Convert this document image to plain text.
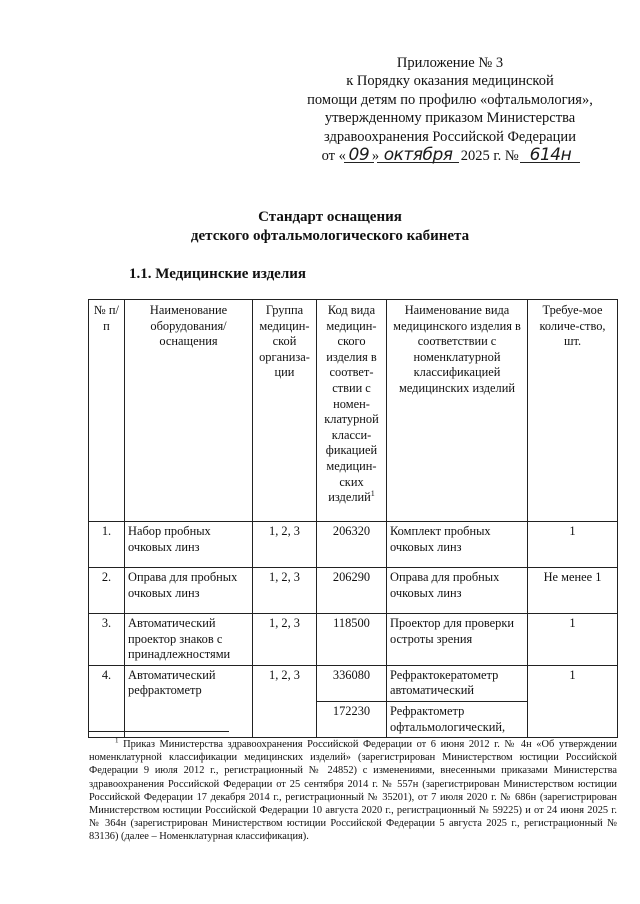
Приложение № 3
к Порядку оказания медицинской
помощи детям по профилю «офтальмология»,
утвержденному приказом Министерства
здравоохранения Российской Федерации
от « 09 » октября 2025 г. № 614н
Стандарт оснащения
детского офтальмологического кабинета
1.1. Медицинские изделия
№ п/п	Наименование оборудования/ оснащения	Группа медицин-ской организа-ции	Код вида медицин-ского изделия в соответ-ствии с номен-клатурной класси-фикацией медицин-ских изделий$^1$	Наименование вида медицинского изделия в соответствии с номенклатурной классификацией медицинских изделий	Требуе-мое количе-ство, шт.
1.	Набор пробных очковых линз	1, 2, 3	206320	Комплект пробных очковых линз	1
2.	Оправа для пробных очковых линз	1, 2, 3	206290	Оправа для пробных очковых линз	Не менее 1
3.	Автоматический проектор знаков с принадлежностями	1, 2, 3	118500	Проектор для проверки остроты зрения	1
4.	Автоматический рефрактометр	1, 2, 3	336080	Рефрактокератометр автоматический	1
			172230	Рефрактометр офтальмологический,	
$^1$ Приказ Министерства здравоохранения Российской Федерации от 6 июня 2012 г. № 4н «Об утверждении номенклатурной классификации медицинских изделий» (зарегистрирован Министерством юстиции Российской Федерации 9 июля 2012 г., регистрационный № 24852) с изменениями, внесенными приказами Министерства здравоохранения Российской Федерации от 25 сентября 2014 г. № 557н (зарегистрирован Министерством юстиции Российской Федерации 17 декабря 2014 г., регистрационный № 35201), от 7 июля 2020 г. № 686н (зарегистрирован Министерством юстиции Российской Федерации 10 августа 2020 г., регистрационный № 59225) и от 24 июня 2025 г. № 364н (зарегистрирован Министерством юстиции Российской Федерации 5 августа 2025 г., регистрационный № 83136) (далее – Номенклатурная классификация).
